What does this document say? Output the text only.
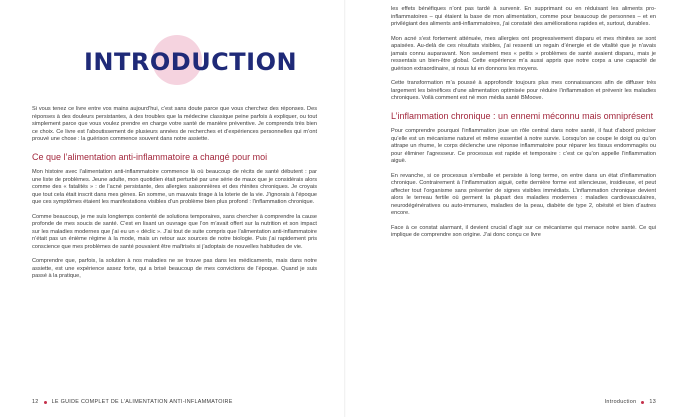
INTRODUCTION

Si vous tenez ce livre entre vos mains aujourd’hui, c’est sans doute parce que vous cherchez des réponses. Des réponses à des douleurs persistantes, à des troubles que la médecine classique peine parfois à expliquer, ou tout simplement parce que vous voulez prendre en charge votre santé de manière préventive. Je comprends très bien ce choix. Ce livre est l’aboutissement de plusieurs années de recherches et d’expériences personnelles qui m’ont prouvé une chose : la guérison commence souvent dans notre assiette.

Ce que l’alimentation anti-inflammatoire a changé pour moi

Mon histoire avec l’alimentation anti-inflammatoire commence là où beaucoup de récits de santé débutent : par une liste de problèmes. Jeune adulte, mon quotidien était perturbé par une série de maux que je considérais alors comme des « fatalités » : de l’acné persistante, des allergies saisonnières et des rhinites chroniques. Je croyais que tout cela était inscrit dans mes gènes. En somme, un mauvais tirage à la loterie de la vie. J’ignorais à l’époque que ces symptômes étaient les manifestations visibles d’un problème bien plus profond : l’inflammation chronique.

Comme beaucoup, je me suis longtemps contenté de solutions temporaires, sans chercher à comprendre la cause profonde de mes soucis de santé. C’est en lisant un ouvrage que l’on m’avait offert sur la nutrition et son impact sur les maladies modernes que j’ai eu un « déclic ». J’ai tout de suite compris que l’alimentation anti-inflammatoire n’était pas un énième régime à la mode, mais un retour aux sources de notre biologie. Puis j’ai rapidement pris conscience que mes problèmes de santé pouvaient être maîtrisés si j’adoptais de nouvelles habitudes de vie.

Comprendre que, parfois, la solution à nos maladies ne se trouve pas dans les médicaments, mais dans notre assiette, est une expérience assez forte, qui a brisé beaucoup de mes convictions de l’époque. Quand je suis passé à la pratique,

12 LE GUIDE COMPLET DE L’ALIMENTATION ANTI-INFLAMMATOIRE

les effets bénéfiques n’ont pas tardé à survenir. En supprimant ou en réduisant les aliments pro-inflammatoires – qui étaient la base de mon alimentation, comme pour beaucoup de personnes – et en privilégiant des aliments anti-inflammatoires, j’ai constaté des améliorations rapides et, surtout, durables.

Mon acné s’est fortement atténuée, mes allergies ont progressivement disparu et mes rhinites se sont apaisées. Au-delà de ces résultats visibles, j’ai ressenti un regain d’énergie et de vitalité que je n’avais jamais connu auparavant. Non seulement mes « petits » problèmes de santé avaient disparu, mais je ressentais un bien-être global. Cette expérience m’a aussi appris que notre corps a une capacité de guérison extraordinaire, si nous lui en donnons les moyens.

Cette transformation m’a poussé à approfondir toujours plus mes connaissances afin de diffuser très largement les bénéfices d’une alimentation optimisée pour réduire l’inflammation et prévenir les maladies chroniques. Voilà comment est né mon média santé BMoove.

L’inflammation chronique : un ennemi méconnu mais omniprésent

Pour comprendre pourquoi l’inflammation joue un rôle central dans notre santé, il faut d’abord préciser qu’elle est un mécanisme naturel et même essentiel à notre survie. Lorsqu’on se coupe le doigt ou qu’on attrape un rhume, le corps déclenche une réponse inflammatoire pour réparer les tissus endommagés ou pour éliminer l’agresseur. Ce processus est rapide et temporaire : c’est ce qu’on appelle l’inflammation aiguë.

En revanche, si ce processus s’emballe et persiste à long terme, on entre dans un état d’inflammation chronique. Contrairement à l’inflammation aiguë, cette dernière forme est silencieuse, insidieuse, et peut affecter tout l’organisme sans présenter de signes visibles immédiats. L’inflammation chronique devient alors le terreau fertile où germent la plupart des maladies modernes : maladies cardiovasculaires, neurodégénératives ou auto-immunes, maladies de la peau, diabète de type 2, obésité et bien d’autres encore.

Face à ce constat alarmant, il devient crucial d’agir sur ce mécanisme qui menace notre santé. Ce qui implique de comprendre son origine. J’ai donc conçu ce livre

Introduction 13
